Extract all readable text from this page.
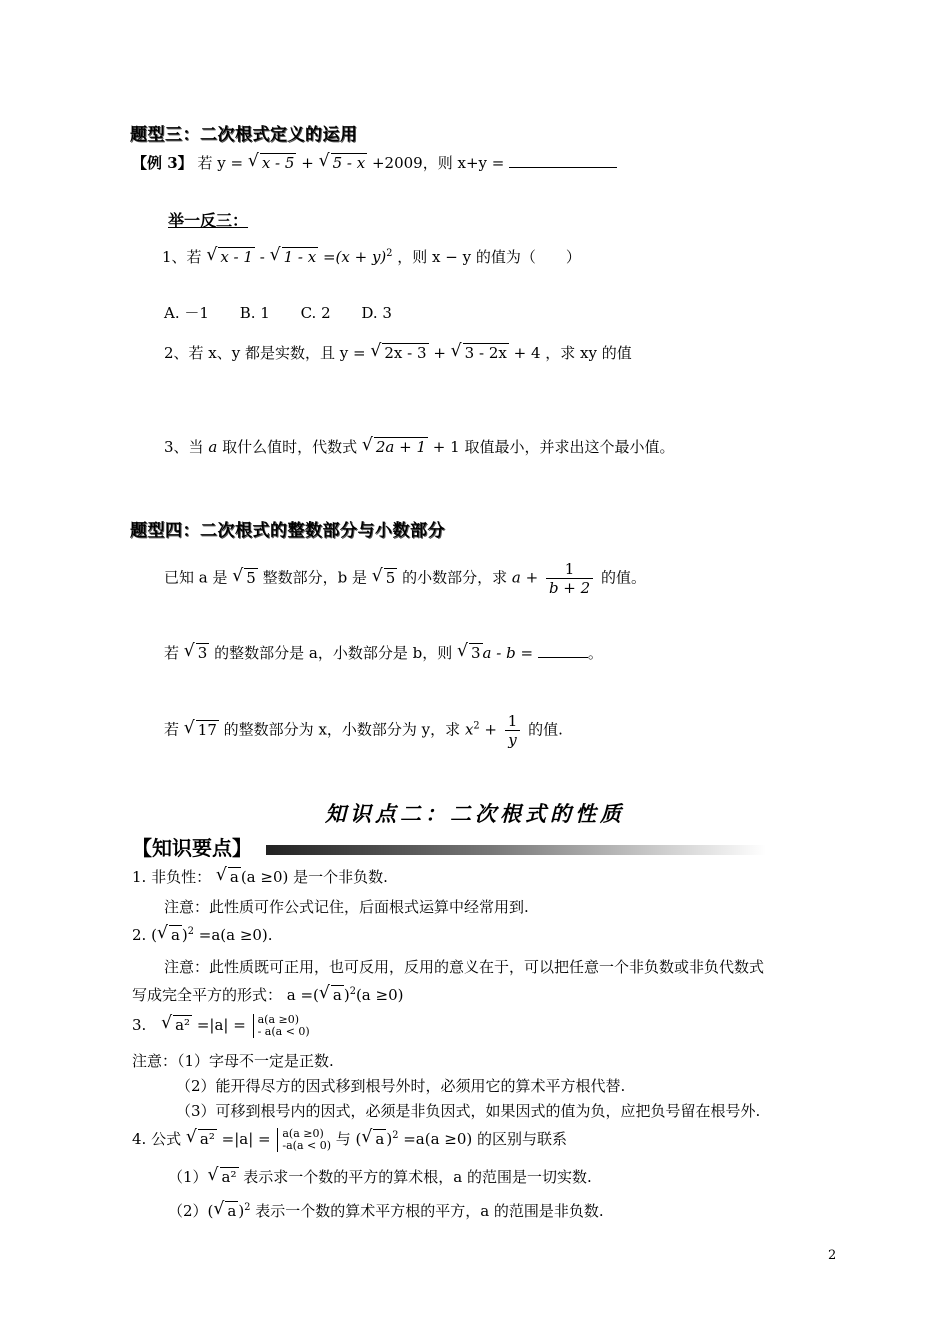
题型三：二次根式定义的运用
【例 3】 若 y = √ x - 5 + √ 5 - x +2009，则 x+y =
举一反三：
1、若 √ x - 1 - √ $1 - x =(x + y)^2$ ，则 x − y 的值为（　　）
A. －1 B. 1 C. 2 D. 3
2、若 x、y 都是实数，且 y = √ 2x - 3 + √ 3 - 2x + 4 ，求 xy 的值
3、当 a 取什么值时，代数式 √ 2a + 1 + 1 取值最小，并求出这个最小值。
题型四：二次根式的整数部分与小数部分
已知 a 是 √ 5 整数部分，b 是 √ 5 的小数部分，求 $a + \frac{1}{b + 2}$ 的值。
若 √ 3 的整数部分是 a，小数部分是 b，则 √ 3 a - b =	。
若 √ 17 的整数部分为 x，小数部分为 y，求 $x^2 + \frac{1}{y}$ 的值.
知识点二：二次根式的性质
【知识要点】
1. 非负性： √ a (a ≥0) 是一个非负数.
注意：此性质可作公式记住，后面根式运算中经常用到.
2. ( √ a )$^2$ =a(a ≥0).
注意：此性质既可正用，也可反用，反用的意义在于，可以把任意一个非负数或非负代数式
写成完全平方的形式： a =( √ a )$^2$(a ≥0)
3. √ a² =|a| = a(a ≥0)
- a(a < 0)
注意：（1）字母不一定是正数.
（2）能开得尽方的因式移到根号外时，必须用它的算术平方根代替.
（3）可移到根号内的因式，必须是非负因式，如果因式的值为负，应把负号留在根号外.
4. 公式 √ a² =|a| = a(a ≥0)
-a(a < 0) 与 ( √ a )$^2$ =a(a ≥0) 的区别与联系
（1） √ a² 表示求一个数的平方的算术根，a 的范围是一切实数.
（2）( √ a )$^2$ 表示一个数的算术平方根的平方，a 的范围是非负数.
2
